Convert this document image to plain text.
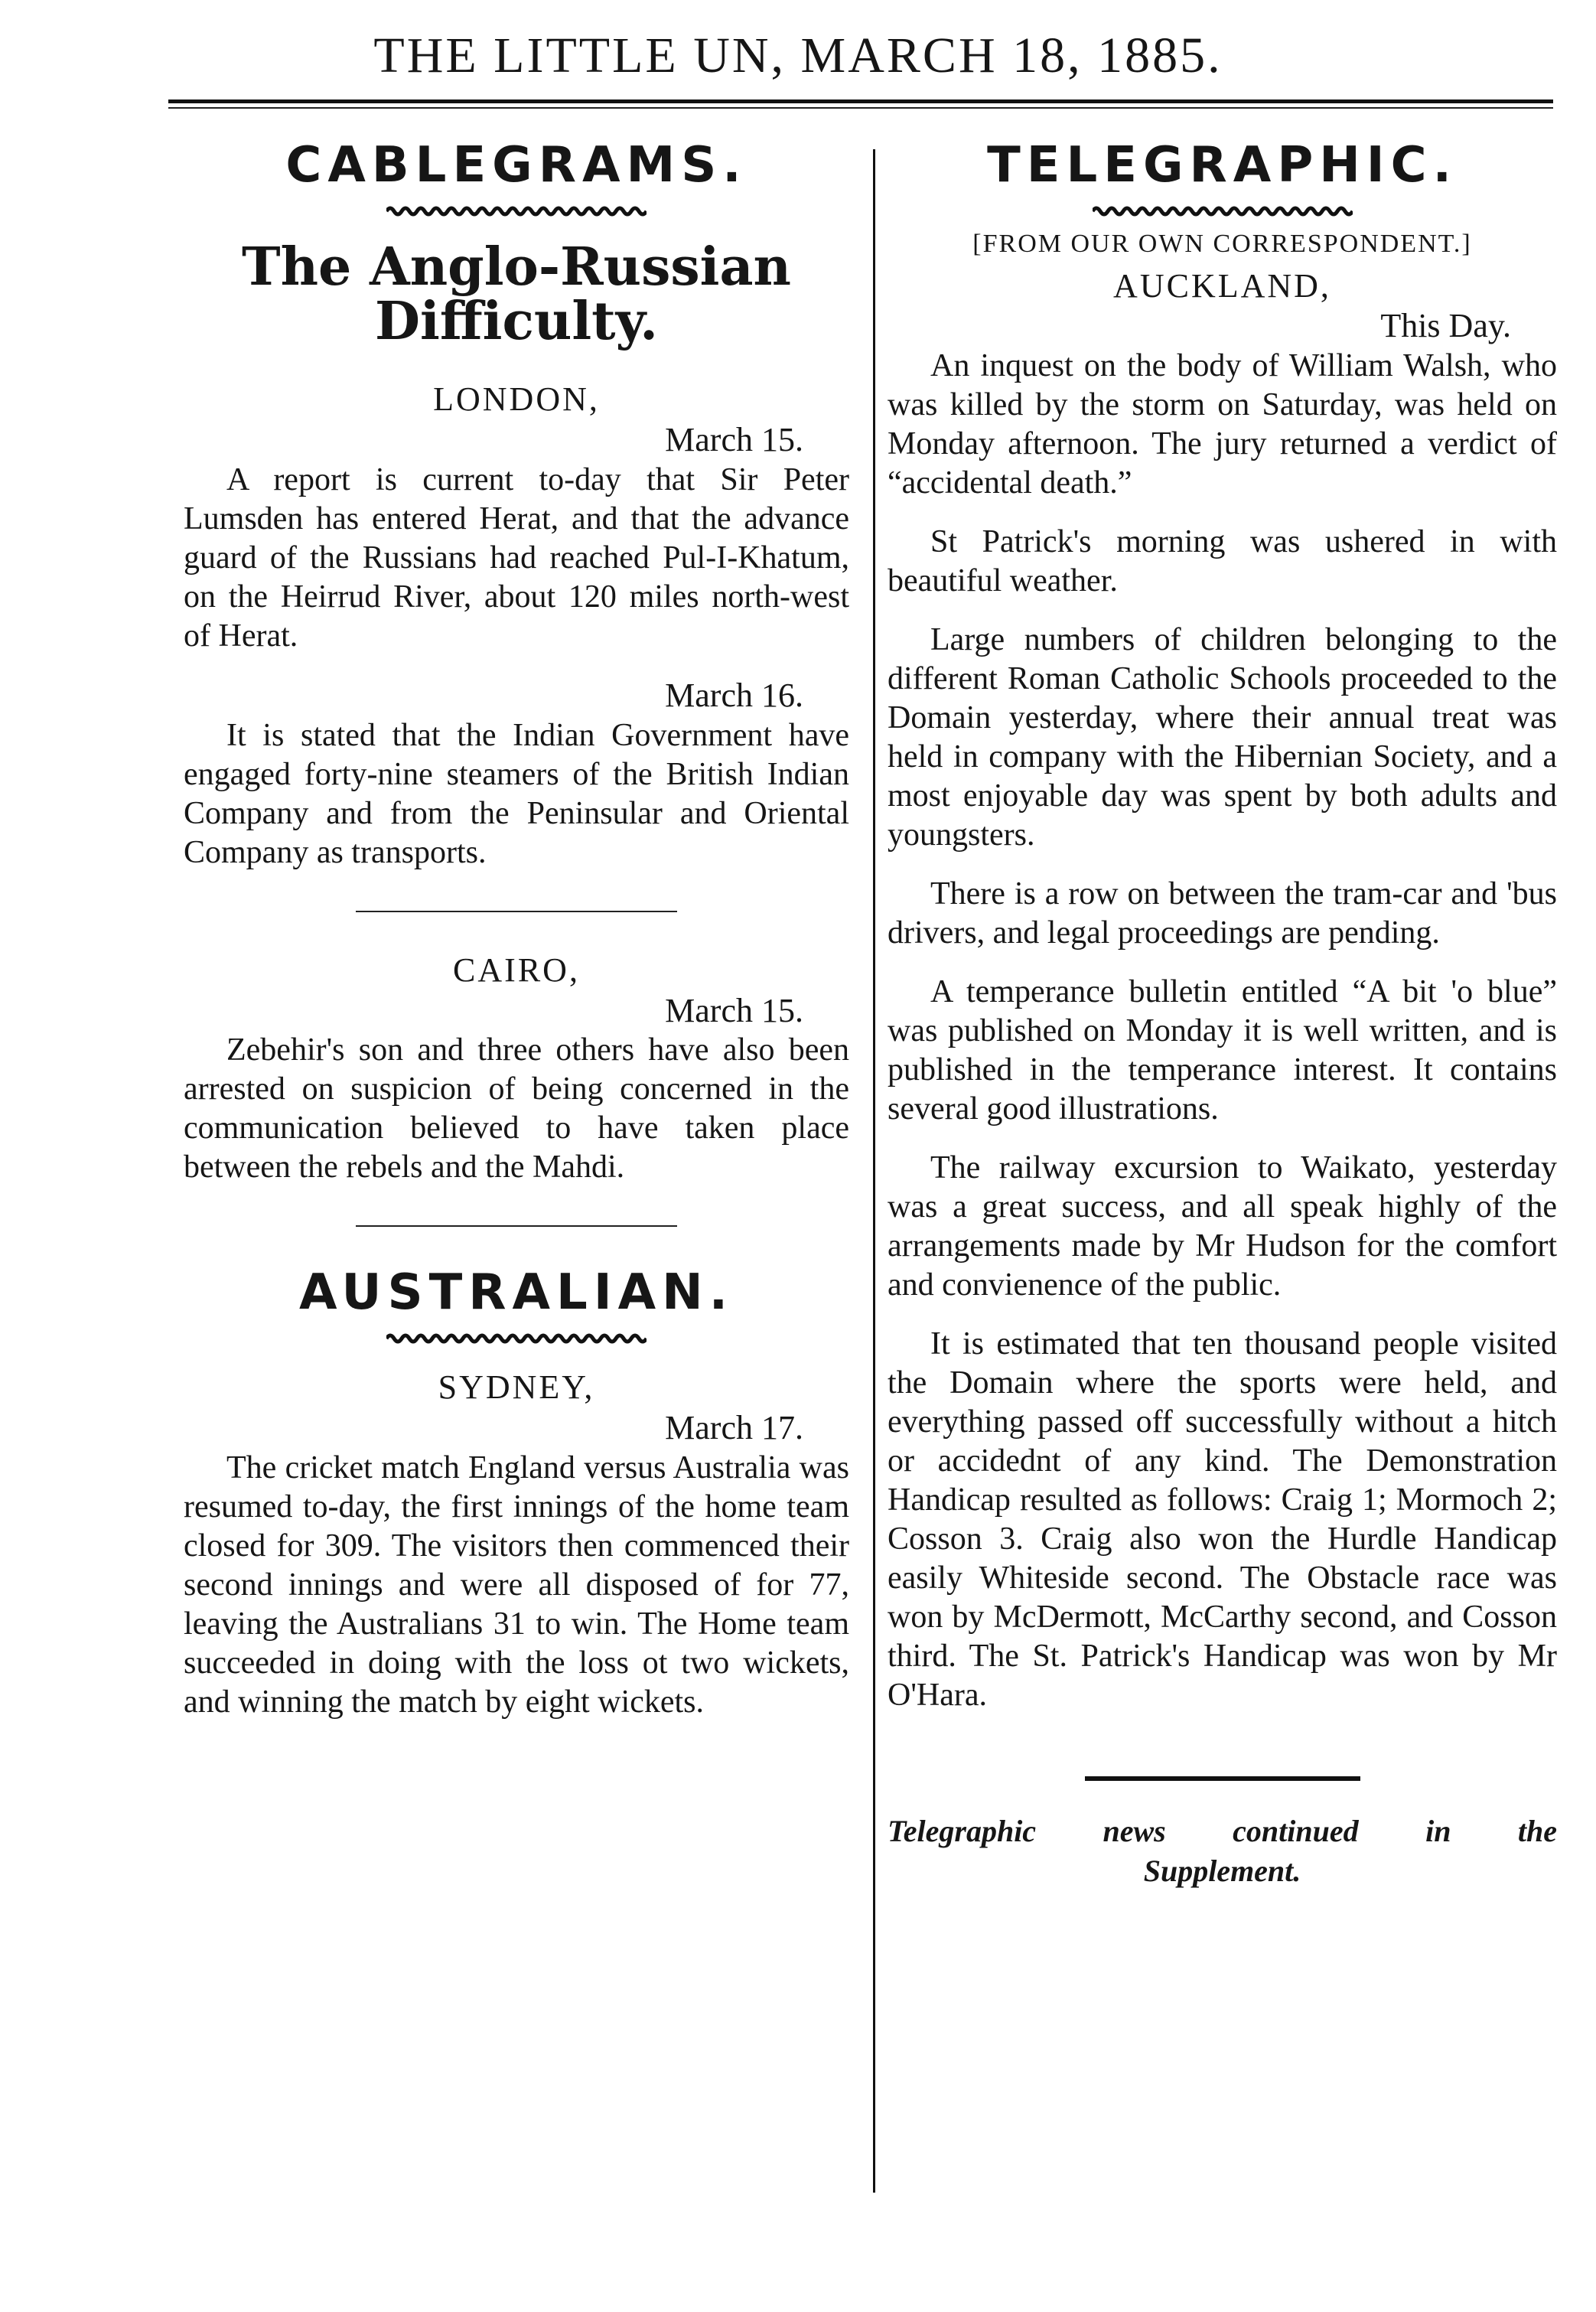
THE LITTLE UN, MARCH 18, 1885.
CABLEGRAMS.
The Anglo-Russian Difficulty.

LONDON,

March 15.

A report is current to-day that Sir Peter Lumsden has entered Herat, and that the advance guard of the Russians had reached Pul-I-Khatum, on the Heirrud River, about 120 miles north-west of Herat.

March 16.

It is stated that the Indian Government have engaged forty-nine steamers of the British Indian Company and from the Peninsular and Oriental Company as transports.

CAIRO,

March 15.

Zebehir's son and three others have also been arrested on suspicion of being concerned in the communication believed to have taken place between the rebels and the Mahdi.

AUSTRALIAN.

SYDNEY,

March 17.

The cricket match England versus Australia was resumed to-day, the first innings of the home team closed for 309. The visitors then commenced their second innings and were all disposed of for 77, leaving the Australians 31 to win. The Home team succeeded in doing with the loss ot two wickets, and winning the match by eight wickets.

TELEGRAPHIC.

[FROM OUR OWN CORRESPONDENT.]

AUCKLAND,

This Day.

An inquest on the body of William Walsh, who was killed by the storm on Saturday, was held on Monday afternoon. The jury returned a verdict of “accidental death.”

St Patrick's morning was ushered in with beautiful weather.

Large numbers of children belonging to the different Roman Catholic Schools proceeded to the Domain yesterday, where their annual treat was held in company with the Hibernian Society, and a most enjoyable day was spent by both adults and youngsters.

There is a row on between the tram-car and 'bus drivers, and legal proceedings are pending.

A temperance bulletin entitled “A bit 'o blue” was published on Monday it is well written, and is published in the temperance interest. It contains several good illustrations.

The railway excursion to Waikato, yesterday was a great success, and all speak highly of the arrangements made by Mr Hudson for the comfort and convienence of the public.

It is estimated that ten thousand people visited the Domain where the sports were held, and everything passed off successfully without a hitch or accidednt of any kind. The Demonstration Handicap resulted as follows: Craig 1; Mormoch 2; Cosson 3. Craig also won the Hurdle Handicap easily Whiteside second. The Obstacle race was won by McDermott, McCarthy second, and Cosson third. The St. Patrick's Handicap was won by Mr O'Hara.

Telegraphic news continued in the
Supplement.
